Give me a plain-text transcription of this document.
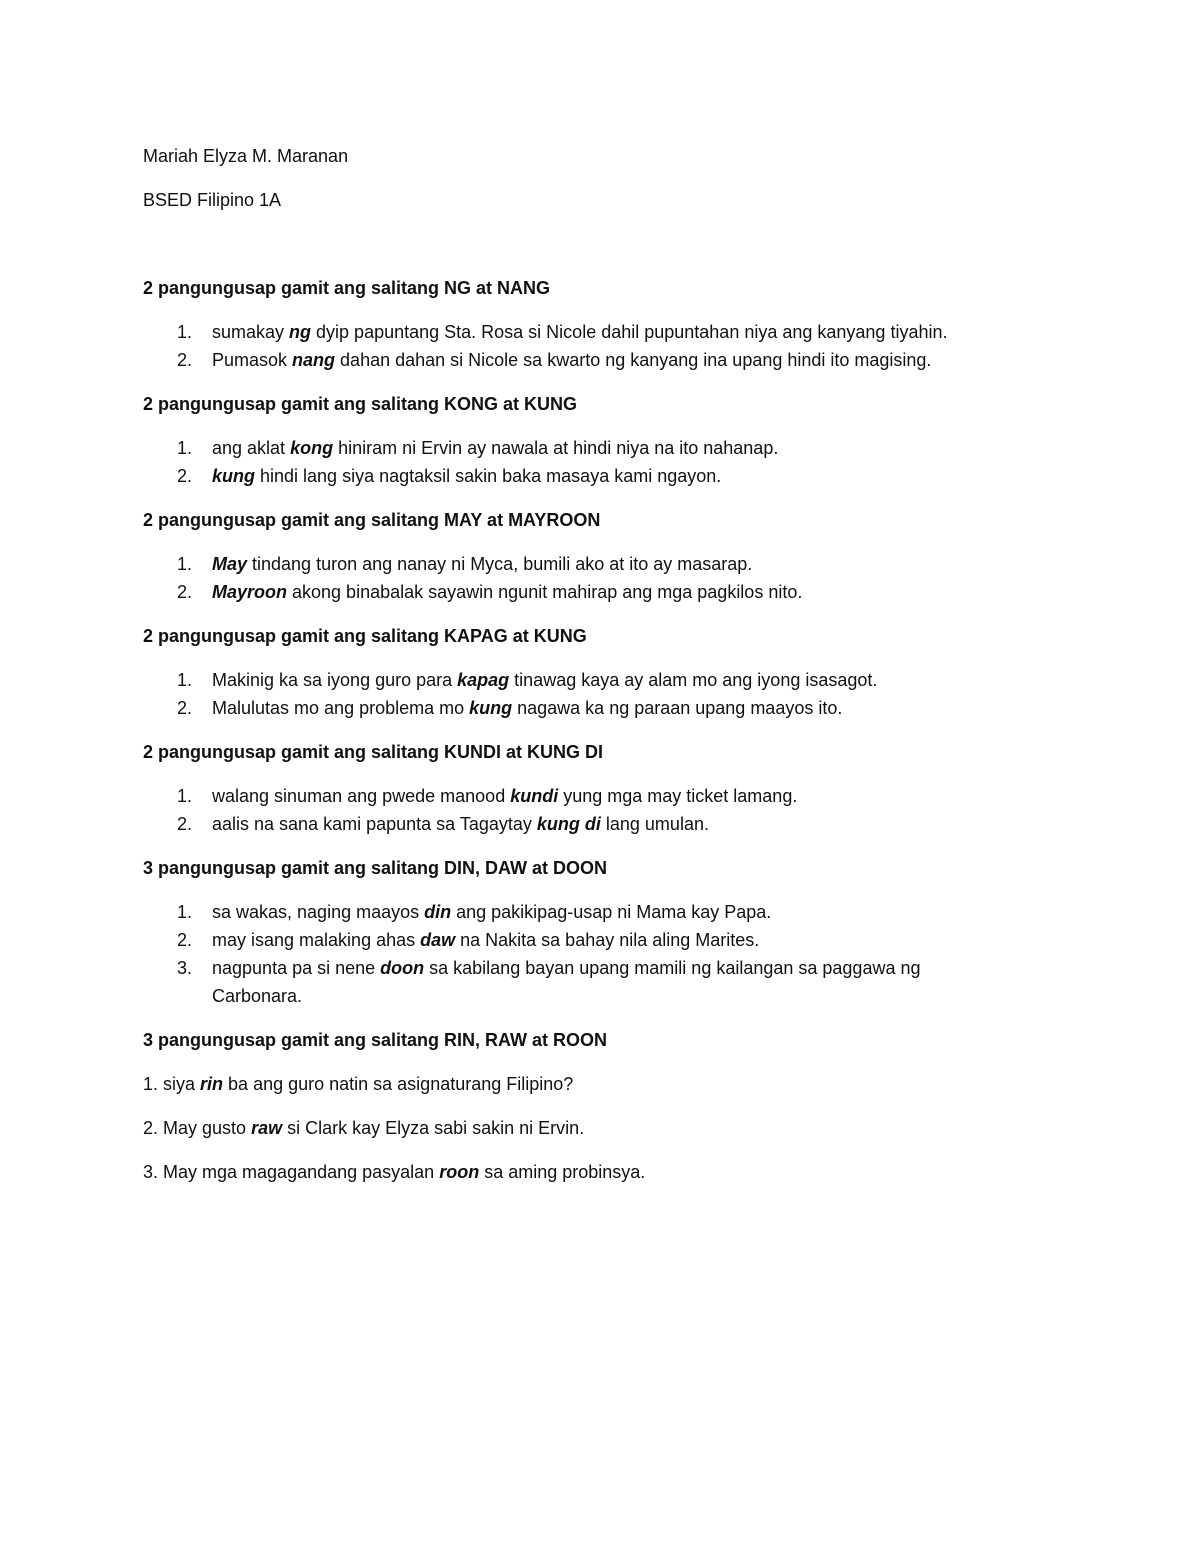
Mariah Elyza M. Maranan

BSED Filipino 1A

2 pangungusap gamit ang salitang NG at NANG

1. sumakay ng dyip papuntang Sta. Rosa si Nicole dahil pupuntahan niya ang kanyang tiyahin.
2. Pumasok nang dahan dahan si Nicole sa kwarto ng kanyang ina upang hindi ito magising.

2 pangungusap gamit ang salitang KONG at KUNG

1. ang aklat kong hiniram ni Ervin ay nawala at hindi niya na ito nahanap.
2. kung hindi lang siya nagtaksil sakin baka masaya kami ngayon.

2 pangungusap gamit ang salitang MAY at MAYROON

1. May tindang turon ang nanay ni Myca, bumili ako at ito ay masarap.
2. Mayroon akong binabalak sayawin ngunit mahirap ang mga pagkilos nito.

2 pangungusap gamit ang salitang KAPAG at KUNG

1. Makinig ka sa iyong guro para kapag tinawag kaya ay alam mo ang iyong isasagot.
2. Malulutas mo ang problema mo kung nagawa ka ng paraan upang maayos ito.

2 pangungusap gamit ang salitang KUNDI at KUNG DI

1. walang sinuman ang pwede manood kundi yung mga may ticket lamang.
2. aalis na sana kami papunta sa Tagaytay kung di lang umulan.

3 pangungusap gamit ang salitang DIN, DAW at DOON

1. sa wakas, naging maayos din ang pakikipag-usap ni Mama kay Papa.
2. may isang malaking ahas daw na Nakita sa bahay nila aling Marites.
3. nagpunta pa si nene doon sa kabilang bayan upang mamili ng kailangan sa paggawa ng Carbonara.

3 pangungusap gamit ang salitang RIN, RAW at ROON

1. siya rin ba ang guro natin sa asignaturang Filipino?

2. May gusto raw si Clark kay Elyza sabi sakin ni Ervin.

3. May mga magagandang pasyalan roon sa aming probinsya.
